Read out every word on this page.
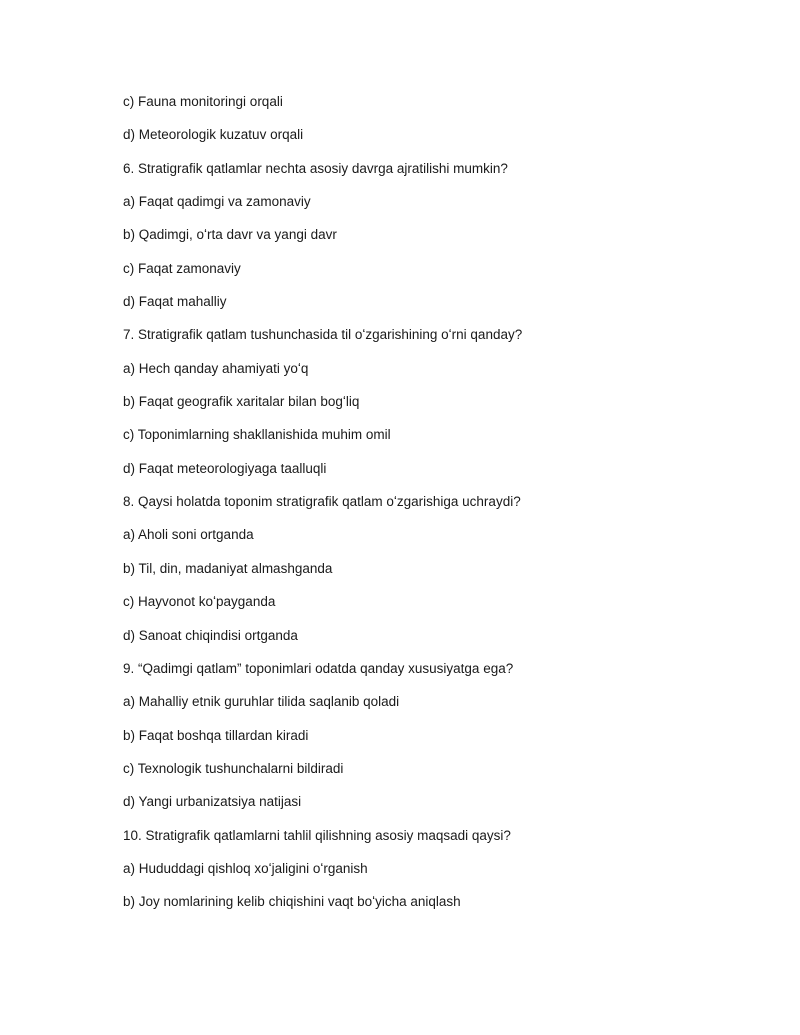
c) Fauna monitoringi orqali
d) Meteorologik kuzatuv orqali
6. Stratigrafik qatlamlar nechta asosiy davrga ajratilishi mumkin?
a) Faqat qadimgi va zamonaviy
b) Qadimgi, oʻrta davr va yangi davr
c) Faqat zamonaviy
d) Faqat mahalliy
7. Stratigrafik qatlam tushunchasida til oʻzgarishining oʻrni qanday?
a) Hech qanday ahamiyati yoʻq
b) Faqat geografik xaritalar bilan bogʻliq
c) Toponimlarning shakllanishida muhim omil
d) Faqat meteorologiyaga taalluqli
8. Qaysi holatda toponim stratigrafik qatlam oʻzgarishiga uchraydi?
a) Aholi soni ortganda
b) Til, din, madaniyat almashganda
c) Hayvonot koʻpayganda
d) Sanoat chiqindisi ortganda
9. “Qadimgi qatlam” toponimlari odatda qanday xususiyatga ega?
a) Mahalliy etnik guruhlar tilida saqlanib qoladi
b) Faqat boshqa tillardan kiradi
c) Texnologik tushunchalarni bildiradi
d) Yangi urbanizatsiya natijasi
10. Stratigrafik qatlamlarni tahlil qilishning asosiy maqsadi qaysi?
a) Hududdagi qishloq xoʻjaligini oʻrganish
b) Joy nomlarining kelib chiqishini vaqt boʻyicha aniqlash
